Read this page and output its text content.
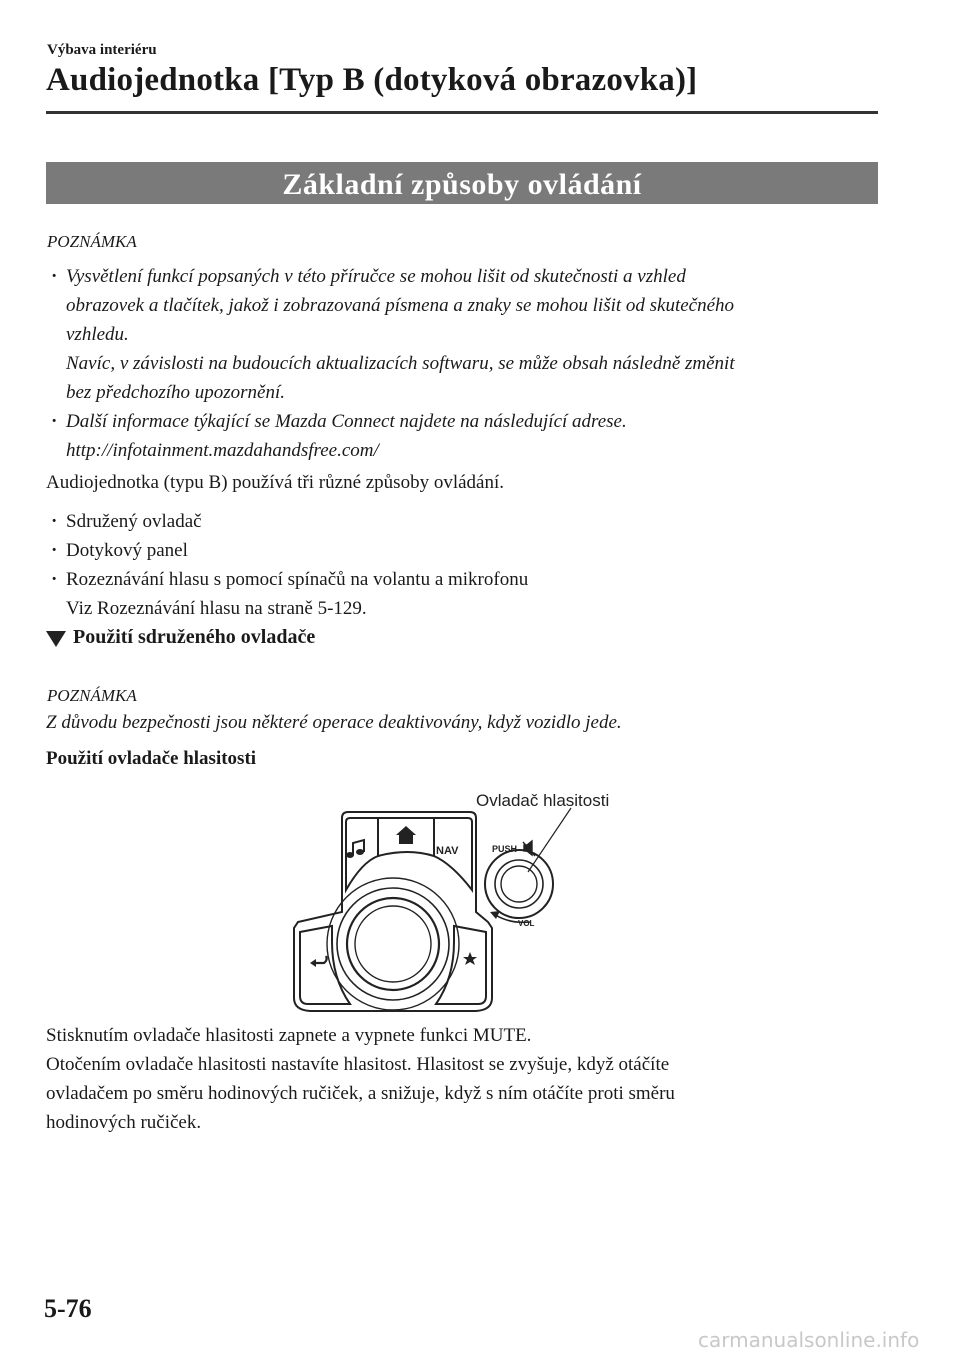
Výbava interiéru
Audiojednotka [Typ B (dotyková obrazovka)]
Základní způsoby ovládání
POZNÁMKA
· Vysvětlení funkcí popsaných v této příručce se mohou lišit od skutečnosti a vzhled
obrazovek a tlačítek, jakož i zobrazovaná písmena a znaky se mohou lišit od skutečného
vzhledu.
Navíc, v závislosti na budoucích aktualizacích softwaru, se může obsah následně změnit
bez předchozího upozornění.
· Další informace týkající se Mazda Connect najdete na následující adrese.
http://infotainment.mazdahandsfree.com/
Audiojednotka (typu B) používá tři různé způsoby ovládání.
· Sdružený ovladač
· Dotykový panel
· Rozeznávání hlasu s pomocí spínačů na volantu a mikrofonu
Viz Rozeznávání hlasu na straně 5-129.
Použití sdruženého ovladače
POZNÁMKA
Z důvodu bezpečnosti jsou některé operace deaktivovány, když vozidlo jede.
Použití ovladače hlasitosti
NAV	PUSH
VOL
Ovladač hlasitosti
Stisknutím ovladače hlasitosti zapnete a vypnete funkci MUTE.
Otočením ovladače hlasitosti nastavíte hlasitost. Hlasitost se zvyšuje, když otáčíte
ovladačem po směru hodinových ručiček, a snižuje, když s ním otáčíte proti směru
hodinových ručiček.
5-76
carmanualsonline.info
